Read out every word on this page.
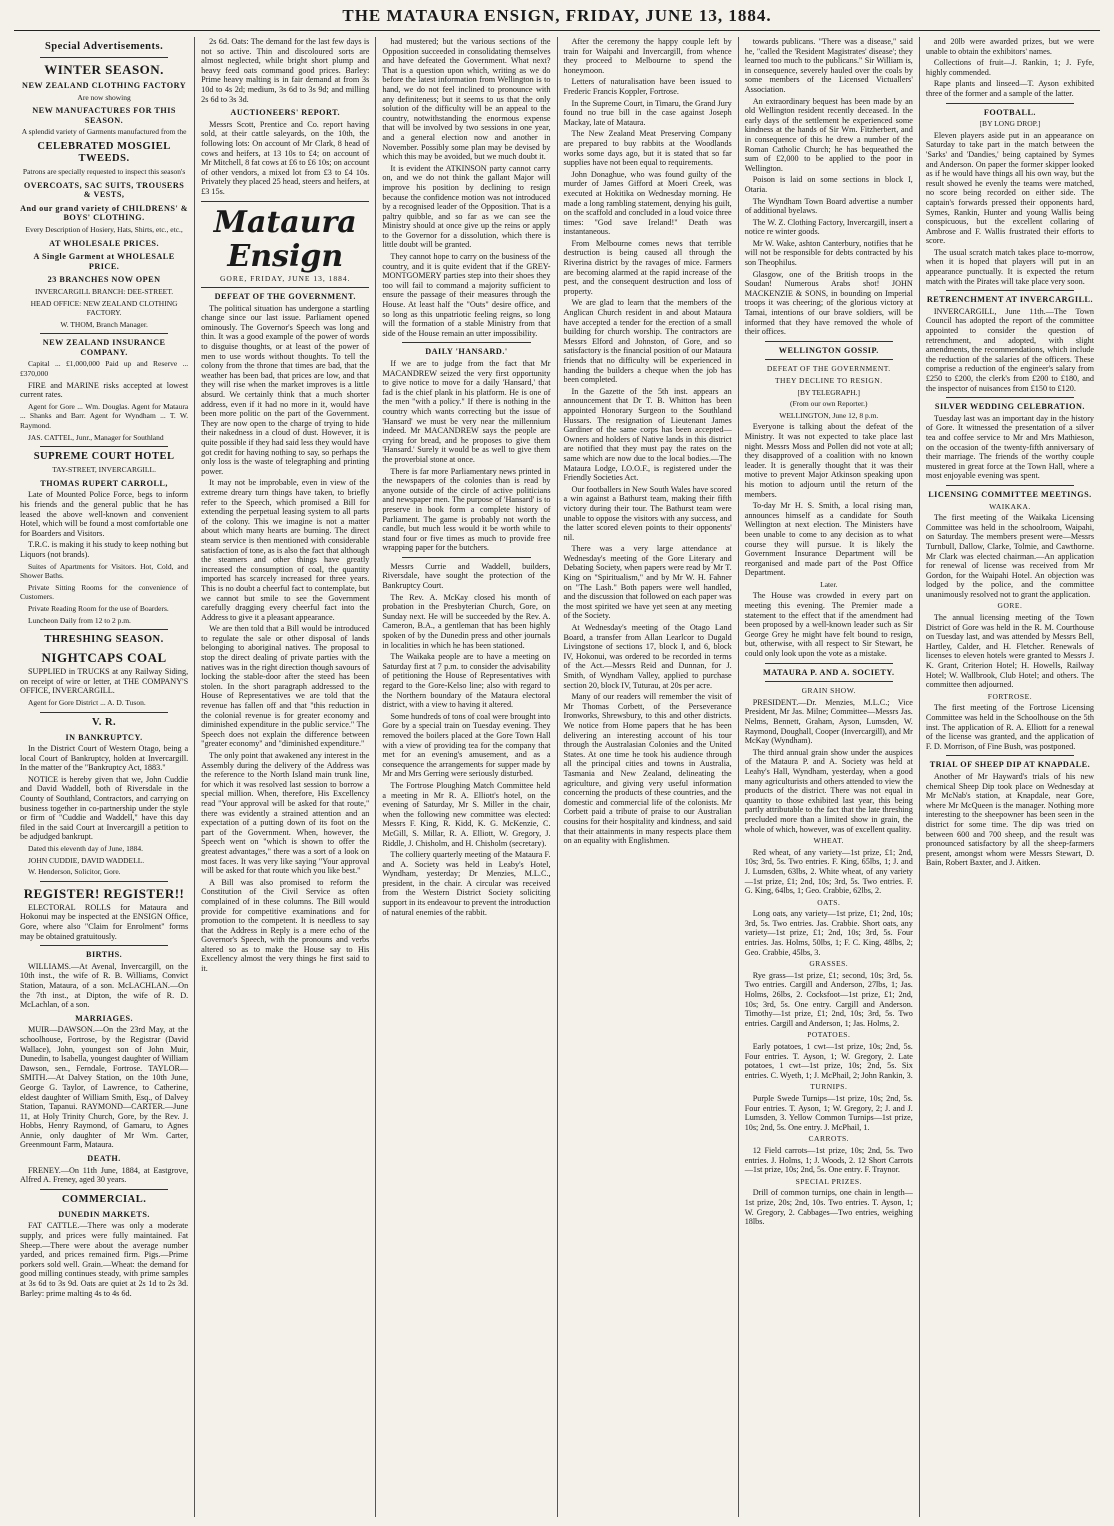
THE MATAURA ENSIGN, FRIDAY, JUNE 13, 1884.
Special Advertisements.
WINTER SEASON.
NEW ZEALAND CLOTHING FACTORY

Are now showing

NEW MANUFACTURES FOR THIS SEASON.

A splendid variety of Garments manufactured from the

CELEBRATED MOSGIEL TWEEDS.

Patrons are specially requested to inspect this season's

OVERCOATS, SAC SUITS, TROUSERS & VESTS,
And our grand variety of CHILDRENS' & BOYS' CLOTHING.

Every Description of Hosiery, Hats, Shirts, etc., etc.,

AT WHOLESALE PRICES.
A Single Garment at WHOLESALE PRICE.
23 BRANCHES NOW OPEN

INVERCARGILL BRANCH: DEE-STREET.

HEAD OFFICE: NEW ZEALAND CLOTHING FACTORY.

W. THOM, Branch Manager.

NEW ZEALAND INSURANCE COMPANY.

Capital ... £1,000,000 Paid up and Reserve ... £370,000

FIRE and MARINE risks accepted at lowest current rates.

Agent for Gore ... Wm. Douglas. Agent for Mataura ... Shanks and Barr. Agent for Wyndham ... T. W. Raymond.

JAS. CATTEL, Junr., Manager for Southland

SUPREME COURT HOTEL

TAY-STREET, INVERCARGILL.

THOMAS RUPERT CARROLL,

Late of Mounted Police Force, begs to inform his friends and the general public that he has leased the above well-known and convenient Hotel, which will be found a most comfortable one for Boarders and Visitors.

T.R.C. is making it his study to keep nothing but Liquors (not brands).

Suites of Apartments for Visitors. Hot, Cold, and Shower Baths.

Private Sitting Rooms for the convenience of Customers.

Private Reading Room for the use of Boarders.

Luncheon Daily from 12 to 2 p.m.

THRESHING SEASON.
NIGHTCAPS COAL

SUPPLIED in TRUCKS at any Railway Siding, on receipt of wire or letter, at THE COMPANY'S OFFICE, INVERCARGILL.

Agent for Gore District ... A. D. Tuson.

V. R.
IN BANKRUPTCY.

In the District Court of Western Otago, being a local Court of Bankruptcy, holden at Invercargill. In the matter of the "Bankruptcy Act, 1883."

NOTICE is hereby given that we, John Cuddie and David Waddell, both of Riversdale in the County of Southland, Contractors, and carrying on business together in co-partnership under the style or firm of "Cuddie and Waddell," have this day filed in the said Court at Invercargill a petition to be adjudged bankrupt.

Dated this eleventh day of June, 1884.

JOHN CUDDIE, DAVID WADDELL.

W. Henderson, Solicitor, Gore.

REGISTER! REGISTER!!

ELECTORAL ROLLS for Mataura and Hokonui may be inspected at the ENSIGN Office, Gore, where also "Claim for Enrolment" forms may be obtained gratuitously.

BIRTHS.

WILLIAMS.—At Avenal, Invercargill, on the 10th inst., the wife of R. B. Williams, Convict Station, Mataura, of a son. McLACHLAN.—On the 7th inst., at Dipton, the wife of R. D. McLachlan, of a son.

MARRIAGES.

MUIR—DAWSON.—On the 23rd May, at the schoolhouse, Fortrose, by the Registrar (David Wallace), John, youngest son of John Muir, Dunedin, to Isabella, youngest daughter of William Dawson, sen., Ferndale, Fortrose. TAYLOR—SMITH.—At Dalvey Station, on the 10th June, George G. Taylor, of Lawrence, to Catherine, eldest daughter of William Smith, Esq., of Dalvey Station, Tapanui. RAYMOND—CARTER.—June 11, at Holy Trinity Church, Gore, by the Rev. J. Hobbs, Henry Raymond, of Gamaru, to Agnes Annie, only daughter of Mr Wm. Carter, Greenmount Farm, Mataura.

DEATH.

FRENEY.—On 11th June, 1884, at Eastgrove, Alfred A. Freney, aged 30 years.

COMMERCIAL.
DUNEDIN MARKETS.

FAT CATTLE.—There was only a moderate supply, and prices were fully maintained. Fat Sheep.—There were about the average number yarded, and prices remained firm. Pigs.—Prime porkers sold well. Grain.—Wheat: the demand for good milling continues steady, with prime samples at 3s 6d to 3s 9d. Oats are quiet at 2s 1d to 2s 3d. Barley: prime malting 4s to 4s 6d.

2s 6d. Oats: The demand for the last few days is not so active. Thin and discoloured sorts are almost neglected, while bright short plump and heavy feed oats command good prices. Barley: Prime heavy malting is in fair demand at from 3s 10d to 4s 2d; medium, 3s 6d to 3s 9d; and milling 2s 6d to 3s 3d.

AUCTIONEERS' REPORT.

Messrs Scott, Prentice and Co. report having sold, at their cattle saleyards, on the 10th, the following lots: On account of Mr Clark, 8 head of cows and heifers, at 13 10s to £4; on account of Mr Mitchell, 8 fat cows at £6 to £6 10s; on account of other vendors, a mixed lot from £3 to £4 10s. Privately they placed 25 head, steers and heifers, at £3 15s.

Mataura Ensign
GORE, FRIDAY, JUNE 13, 1884.
DEFEAT OF THE GOVERNMENT.

The political situation has undergone a startling change since our last issue. Parliament opened ominously. The Governor's Speech was long and thin. It was a good example of the power of words to disguise thoughts, or at least of the power of men to use words without thoughts. To tell the colony from the throne that times are bad, that the weather has been bad, that prices are low, and that they will rise when the market improves is a little absurd. We certainly think that a much shorter address, even if it had no more in it, would have been more politic on the part of the Government. They are now open to the charge of trying to hide their nakedness in a cloud of dust. However, it is quite possible if they had said less they would have got credit for having nothing to say, so perhaps the only loss is the waste of telegraphing and printing power.

It may not be improbable, even in view of the extreme dreary turn things have taken, to briefly refer to the Speech, which promised a Bill for extending the perpetual leasing system to all parts of the colony. This we imagine is not a matter about which many hearts are burning. The direct steam service is then mentioned with considerable satisfaction of tone, as is also the fact that although the steamers and other things have greatly increased the consumption of coal, the quantity imported has scarcely increased for three years. This is no doubt a cheerful fact to contemplate, but we cannot but smile to see the Government carefully dragging every cheerful fact into the Address to give it a pleasant appearance.

We are then told that a Bill would be introduced to regulate the sale or other disposal of lands belonging to aboriginal natives. The proposal to stop the direct dealing of private parties with the natives was in the right direction though savours of locking the stable-door after the steed has been stolen. In the short paragraph addressed to the House of Representatives we are told that the revenue has fallen off and that "this reduction in the colonial revenue is for greater economy and diminished expenditure in the public service." The Speech does not explain the difference between "greater economy" and "diminished expenditure."

The only point that awakened any interest in the Assembly during the delivery of the Address was the reference to the North Island main trunk line, for which it was resolved last session to borrow a special million. When, therefore, His Excellency read "Your approval will be asked for that route," there was evidently a strained attention and an expectation of a putting down of its foot on the part of the Government. When, however, the Speech went on "which is shown to offer the greatest advantages," there was a sort of a look on most faces. It was very like saying "Your approval will be asked for that route which you like best."

A Bill was also promised to reform the Constitution of the Civil Service as often complained of in these columns. The Bill would provide for competitive examinations and for promotion to the competent. It is needless to say that the Address in Reply is a mere echo of the Governor's Speech, with the pronouns and verbs altered so as to make the House say to His Excellency almost the very things he first said to it.

had mustered; but the various sections of the Opposition succeeded in consolidating themselves and have defeated the Government. What next? That is a question upon which, writing as we do before the latest information from Wellington is to hand, we do not feel inclined to pronounce with any definiteness; but it seems to us that the only solution of the difficulty will be an appeal to the country, notwithstanding the enormous expense that will be involved by two sessions in one year, and a general election now and another in November. Possibly some plan may be devised by which this may be avoided, but we much doubt it.

It is evident the ATKINSON party cannot carry on, and we do not think the gallant Major will improve his position by declining to resign because the confidence motion was not introduced by a recognised leader of the Opposition. That is a paltry quibble, and so far as we can see the Ministry should at once give up the reins or apply to the Governor for a dissolution, which there is little doubt will be granted.

They cannot hope to carry on the business of the country, and it is quite evident that if the GREY-MONTGOMERY parties step into their shoes they too will fail to command a majority sufficient to ensure the passage of their measures through the House. At least half the "Outs" desire office, and so long as this unpatriotic feeling reigns, so long will the formation of a stable Ministry from that side of the House remain an utter impossibility.

DAILY 'HANSARD.'

If we are to judge from the fact that Mr MACANDREW seized the very first opportunity to give notice to move for a daily 'Hansard,' that fad is the chief plank in his platform. He is one of the men "with a policy." If there is nothing in the country which wants correcting but the issue of 'Hansard' we must be very near the millennium indeed. Mr MACANDREW says the people are crying for bread, and he proposes to give them 'Hansard.' Surely it would be as well to give them the proverbial stone at once.

There is far more Parliamentary news printed in the newspapers of the colonies than is read by anyone outside of the circle of active politicians and newspaper men. The purpose of 'Hansard' is to preserve in book form a complete history of Parliament. The game is probably not worth the candle, but much less would it be worth while to stand four or five times as much to provide free wrapping paper for the butchers.

Messrs Currie and Waddell, builders, Riversdale, have sought the protection of the Bankruptcy Court.

The Rev. A. McKay closed his month of probation in the Presbyterian Church, Gore, on Sunday next. He will be succeeded by the Rev. A. Cameron, B.A., a gentleman that has been highly spoken of by the Dunedin press and other journals in localities in which he has been stationed.

The Waikaka people are to have a meeting on Saturday first at 7 p.m. to consider the advisability of petitioning the House of Representatives with regard to the Gore-Kelso line; also with regard to the Northern boundary of the Mataura electoral district, with a view to having it altered.

Some hundreds of tons of coal were brought into Gore by a special train on Tuesday evening. They removed the boilers placed at the Gore Town Hall with a view of providing tea for the company that met for an evening's amusement, and as a consequence the arrangements for supper made by Mr and Mrs Gerring were seriously disturbed.

The Fortrose Ploughing Match Committee held a meeting in Mr R. A. Elliott's hotel, on the evening of Saturday, Mr S. Miller in the chair, when the following new committee was elected: Messrs F. King, R. Kidd, K. G. McKenzie, C. McGill, S. Millar, R. A. Elliott, W. Gregory, J. Riddle, J. Chisholm, and H. Chisholm (secretary).

The colliery quarterly meeting of the Mataura F. and A. Society was held in Leaby's Hotel, Wyndham, yesterday; Dr Menzies, M.L.C., president, in the chair. A circular was received from the Western District Society soliciting support in its endeavour to prevent the introduction of natural enemies of the rabbit.

After the ceremony the happy couple left by train for Waipahi and Invercargill, from whence they proceed to Melbourne to spend the honeymoon.

Letters of naturalisation have been issued to Frederic Francis Koppler, Fortrose.

In the Supreme Court, in Timaru, the Grand Jury found no true bill in the case against Joseph Mackay, late of Mataura.

The New Zealand Meat Preserving Company are prepared to buy rabbits at the Woodlands works some days ago, but it is stated that so far supplies have not been equal to requirements.

John Donaghue, who was found guilty of the murder of James Gifford at Moeri Creek, was executed at Hokitika on Wednesday morning. He made a long rambling statement, denying his guilt, on the scaffold and concluded in a loud voice three times: "God save Ireland!" Death was instantaneous.

From Melbourne comes news that terrible destruction is being caused all through the Riverina district by the ravages of mice. Farmers are becoming alarmed at the rapid increase of the pest, and the consequent destruction and loss of property.

We are glad to learn that the members of the Anglican Church resident in and about Mataura have accepted a tender for the erection of a small building for church worship. The contractors are Messrs Elford and Johnston, of Gore, and so satisfactory is the financial position of our Mataura friends that no difficulty will be experienced in handing the builders a cheque when the job has been completed.

In the Gazette of the 5th inst. appears an announcement that Dr T. B. Whitton has been appointed Honorary Surgeon to the Southland Hussars. The resignation of Lieutenant James Gardiner of the same corps has been accepted—Owners and holders of Native lands in this district are notified that they must pay the rates on the same which are now due to the local bodies.—The Mataura Lodge, I.O.O.F., is registered under the Friendly Societies Act.

Our footballers in New South Wales have scored a win against a Bathurst team, making their fifth victory during their tour. The Bathurst team were unable to oppose the visitors with any success, and the latter scored eleven points to their opponents' nil.

There was a very large attendance at Wednesday's meeting of the Gore Literary and Debating Society, when papers were read by Mr T. King on "Spiritualism," and by Mr W. H. Fahner on "The Lash." Both papers were well handled, and the discussion that followed on each paper was the most spirited we have yet seen at any meeting of the Society.

At Wednesday's meeting of the Otago Land Board, a transfer from Allan Learlcor to Dugald Livingstone of sections 17, block I, and 6, block IV, Hokonui, was ordered to be recorded in terms of the Act.—Messrs Reid and Dunnan, for J. Smith, of Wyndham Valley, applied to purchase section 20, block IV, Tuturau, at 20s per acre.

Many of our readers will remember the visit of Mr Thomas Corbett, of the Perseverance Ironworks, Shrewsbury, to this and other districts. We notice from Home papers that he has been delivering an interesting account of his tour through the Australasian Colonies and the United States. At one time he took his audience through all the principal cities and towns in Australia, Tasmania and New Zealand, delineating the agriculture, and giving very useful information concerning the products of these countries, and the domestic and commercial life of the colonists. Mr Corbett paid a tribute of praise to our Australian cousins for their hospitality and kindness, and said that their attainments in many respects place them on an equality with Englishmen.

towards publicans. "There was a disease," said he, "called the 'Resident Magistrates' disease'; they learned too much to the publicans." Sir William is, in consequence, severely hauled over the coals by some members of the Licensed Victuallers' Association.

An extraordinary bequest has been made by an old Wellington resident recently deceased. In the early days of the settlement he experienced some kindness at the hands of Sir Wm. Fitzherbert, and in consequence of this he drew a number of the Roman Catholic Church; he has bequeathed the sum of £2,000 to be applied to the poor in Wellington.

Poison is laid on some sections in block I, Otaria.

The Wyndham Town Board advertise a number of additional byelaws.

The W. Z. Clothing Factory, Invercargill, insert a notice re winter goods.

Mr W. Wake, ashton Canterbury, notifies that he will not be responsible for debts contracted by his son Theophilus.

Glasgow, one of the British troops in the Soudan! Numerous Arabs shot! JOHN MACKENZIE & SONS, in bounding on Imperial troops it was cheering; of the glorious victory at Tamai, intentions of our brave soldiers, will be informed that they have removed the whole of their offices.

WELLINGTON GOSSIP.

DEFEAT OF THE GOVERNMENT.

THEY DECLINE TO RESIGN.

[BY TELEGRAPH.]

(From our own Reporter.)

WELLINGTON, June 12, 8 p.m.

Everyone is talking about the defeat of the Ministry. It was not expected to take place last night. Messrs Moss and Pollen did not vote at all; they disapproved of a coalition with no known leader. It is generally thought that it was their motive to prevent Major Atkinson speaking upon his motion to adjourn until the return of the members.

To-day Mr H. S. Smith, a local rising man, announces himself as a candidate for South Wellington at next election. The Ministers have been unable to come to any decision as to what course they will pursue. It is likely the Government Insurance Department will be reorganised and made part of the Post Office Department.

Later.

The House was crowded in every part on meeting this evening. The Premier made a statement to the effect that if the amendment had been proposed by a well-known leader such as Sir George Grey he might have felt bound to resign, but, otherwise, with all respect to Sir Stewart, he could only look upon the vote as a mistake.

MATAURA P. AND A. SOCIETY.

GRAIN SHOW.

PRESIDENT.—Dr. Menzies, M.L.C.; Vice President, Mr Jas. Milne; Committee—Messrs Jas. Nelms, Bennett, Graham, Ayson, Lumsden, W. Raymond, Doughall, Cooper (Invercargill), and Mr McKay (Wyndham).

The third annual grain show under the auspices of the Mataura P. and A. Society was held at Leahy's Hall, Wyndham, yesterday, when a good many agriculturists and others attended to view the products of the district. There was not equal in quantity to those exhibited last year, this being partly attributable to the fact that the late threshing precluded more than a limited show in grain, the whole of which, however, was of excellent quality.

WHEAT.

Red wheat, of any variety—1st prize, £1; 2nd, 10s; 3rd, 5s. Two entries. F. King, 65lbs, 1; J. and J. Lumsden, 63lbs, 2. White wheat, of any variety—1st prize, £1; 2nd, 10s; 3rd, 5s. Two entries. F. G. King, 64lbs, 1; Geo. Crabbie, 62lbs, 2.

OATS.

Long oats, any variety—1st prize, £1; 2nd, 10s; 3rd, 5s. Two entries. Jas. Crabbie. Short oats, any variety—1st prize, £1; 2nd, 10s; 3rd, 5s. Four entries. Jas. Holms, 50lbs, 1; F. C. King, 48lbs, 2; Geo. Crabbie, 45lbs, 3.

GRASSES.

Rye grass—1st prize, £1; second, 10s; 3rd, 5s. Two entries. Cargill and Anderson, 27lbs, 1; Jas. Holms, 26lbs, 2. Cocksfoot—1st prize, £1; 2nd, 10s; 3rd, 5s. One entry. Cargill and Anderson. Timothy—1st prize, £1; 2nd, 10s; 3rd, 5s. Two entries. Cargill and Anderson, 1; Jas. Holms, 2.

POTATOES.

Early potatoes, 1 cwt—1st prize, 10s; 2nd, 5s. Four entries. T. Ayson, 1; W. Gregory, 2. Late potatoes, 1 cwt—1st prize, 10s; 2nd, 5s. Six entries. C. Wyeth, 1; J. McPhail, 2; John Rankin, 3.

TURNIPS.

Purple Swede Turnips—1st prize, 10s; 2nd, 5s. Four entries. T. Ayson, 1; W. Gregory, 2; J. and J. Lumsden, 3. Yellow Common Turnips—1st prize, 10s; 2nd, 5s. One entry. J. McPhail, 1.

CARROTS.

12 Field carrots—1st prize, 10s; 2nd, 5s. Two entries. J. Holms, 1; J. Woods, 2. 12 Short Carrots—1st prize, 10s; 2nd, 5s. One entry. F. Traynor.

SPECIAL PRIZES.

Drill of common turnips, one chain in length—1st prize, 20s; 2nd, 10s. Two entries. T. Ayson, 1; W. Gregory, 2. Cabbages—Two entries, weighing 18lbs.

and 20lb were awarded prizes, but we were unable to obtain the exhibitors' names.

Collections of fruit—J. Rankin, 1; J. Fyfe, highly commended.

Rape plants and linseed—T. Ayson exhibited three of the former and a sample of the latter.

FOOTBALL.

[BY LONG DROP.]

Eleven players aside put in an appearance on Saturday to take part in the match between the 'Sarks' and 'Dandies,' being captained by Symes and Anderson. On paper the former skipper looked as if he would have things all his own way, but the result showed he evenly the teams were matched, no score being recorded on either side. The captain's forwards pressed their opponents hard, Symes, Rankin, Hunter and young Wallis being conspicuous, but the excellent collaring of Ambrose and F. Wallis frustrated their efforts to score.

The usual scratch match takes place to-morrow, when it is hoped that players will put in an appearance punctually. It is expected the return match with the Pirates will take place very soon.

RETRENCHMENT AT INVERCARGILL.

INVERCARGILL, June 11th.—The Town Council has adopted the report of the committee appointed to consider the question of retrenchment, and adopted, with slight amendments, the recommendations, which include the reduction of the salaries of the officers. These comprise a reduction of the engineer's salary from £250 to £200, the clerk's from £200 to £180, and the inspector of nuisances from £150 to £120.

SILVER WEDDING CELEBRATION.

Tuesday last was an important day in the history of Gore. It witnessed the presentation of a silver tea and coffee service to Mr and Mrs Mathieson, on the occasion of the twenty-fifth anniversary of their marriage. The friends of the worthy couple mustered in great force at the Town Hall, where a most enjoyable evening was spent.

LICENSING COMMITTEE MEETINGS.

WAIKAKA.

The first meeting of the Waikaka Licensing Committee was held in the schoolroom, Waipahi, on Saturday. The members present were—Messrs Turnbull, Dallow, Clarke, Tolmie, and Cawthorne. Mr Clark was elected chairman.—An application for renewal of license was received from Mr Gordon, for the Waipahi Hotel. An objection was lodged by the police, and the committee unanimously resolved not to grant the application.

GORE.

The annual licensing meeting of the Town District of Gore was held in the R. M. Courthouse on Tuesday last, and was attended by Messrs Bell, Hartley, Calder, and H. Fletcher. Renewals of licenses to eleven hotels were granted to Messrs J. K. Grant, Criterion Hotel; H. Howells, Railway Hotel; W. Wallbrook, Club Hotel; and others. The committee then adjourned.

FORTROSE.

The first meeting of the Fortrose Licensing Committee was held in the Schoolhouse on the 5th inst. The application of R. A. Elliott for a renewal of the license was granted, and the application of F. D. Morrison, of Fine Bush, was postponed.

TRIAL OF SHEEP DIP AT KNAPDALE.

Another of Mr Hayward's trials of his new chemical Sheep Dip took place on Wednesday at Mr McNab's station, at Knapdale, near Gore, where Mr McQueen is the manager. Nothing more interesting to the sheepowner has been seen in the district for some time. The dip was tried on between 600 and 700 sheep, and the result was pronounced satisfactory by all the sheep-farmers present, amongst whom were Messrs Stewart, D. Bain, Robert Baxter, and J. Aitken.
